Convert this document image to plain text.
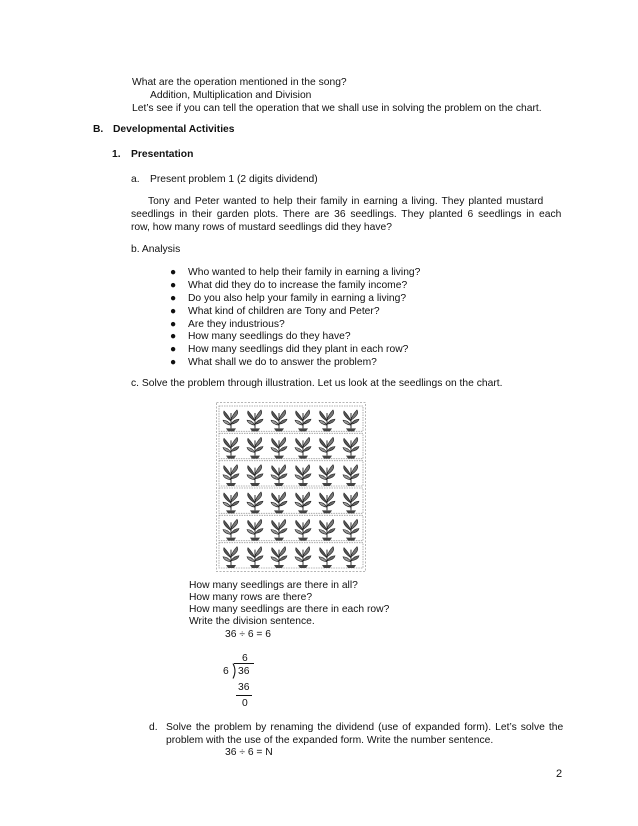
What are the operation mentioned in the song?
Addition, Multiplication and Division
Let’s see if you can tell the operation that we shall use in solving the problem on the chart.
B. Developmental Activities
1. Presentation
a. Present problem 1 (2 digits dividend)
Tony and Peter wanted to help their family in earning a living. They planted mustard
seedlings in their garden plots. There are 36 seedlings. They planted 6 seedlings in each
row, how many rows of mustard seedlings did they have?
b. Analysis
● Who wanted to help their family in earning a living?
● What did they do to increase the family income?
● Do you also help your family in earning a living?
● What kind of children are Tony and Peter?
● Are they industrious?
● How many seedlings do they have?
● How many seedlings did they plant in each row?
● What shall we do to answer the problem?
c. Solve the problem through illustration. Let us look at the seedlings on the chart.
How many seedlings are there in all?
How many rows are there?
How many seedlings are there in each row?
Write the division sentence.
36 ÷ 6 = 6
6
6 36
36
0
d. Solve the problem by renaming the dividend (use of expanded form). Let’s solve the
problem with the use of the expanded form. Write the number sentence.
36 ÷ 6 = N
2
